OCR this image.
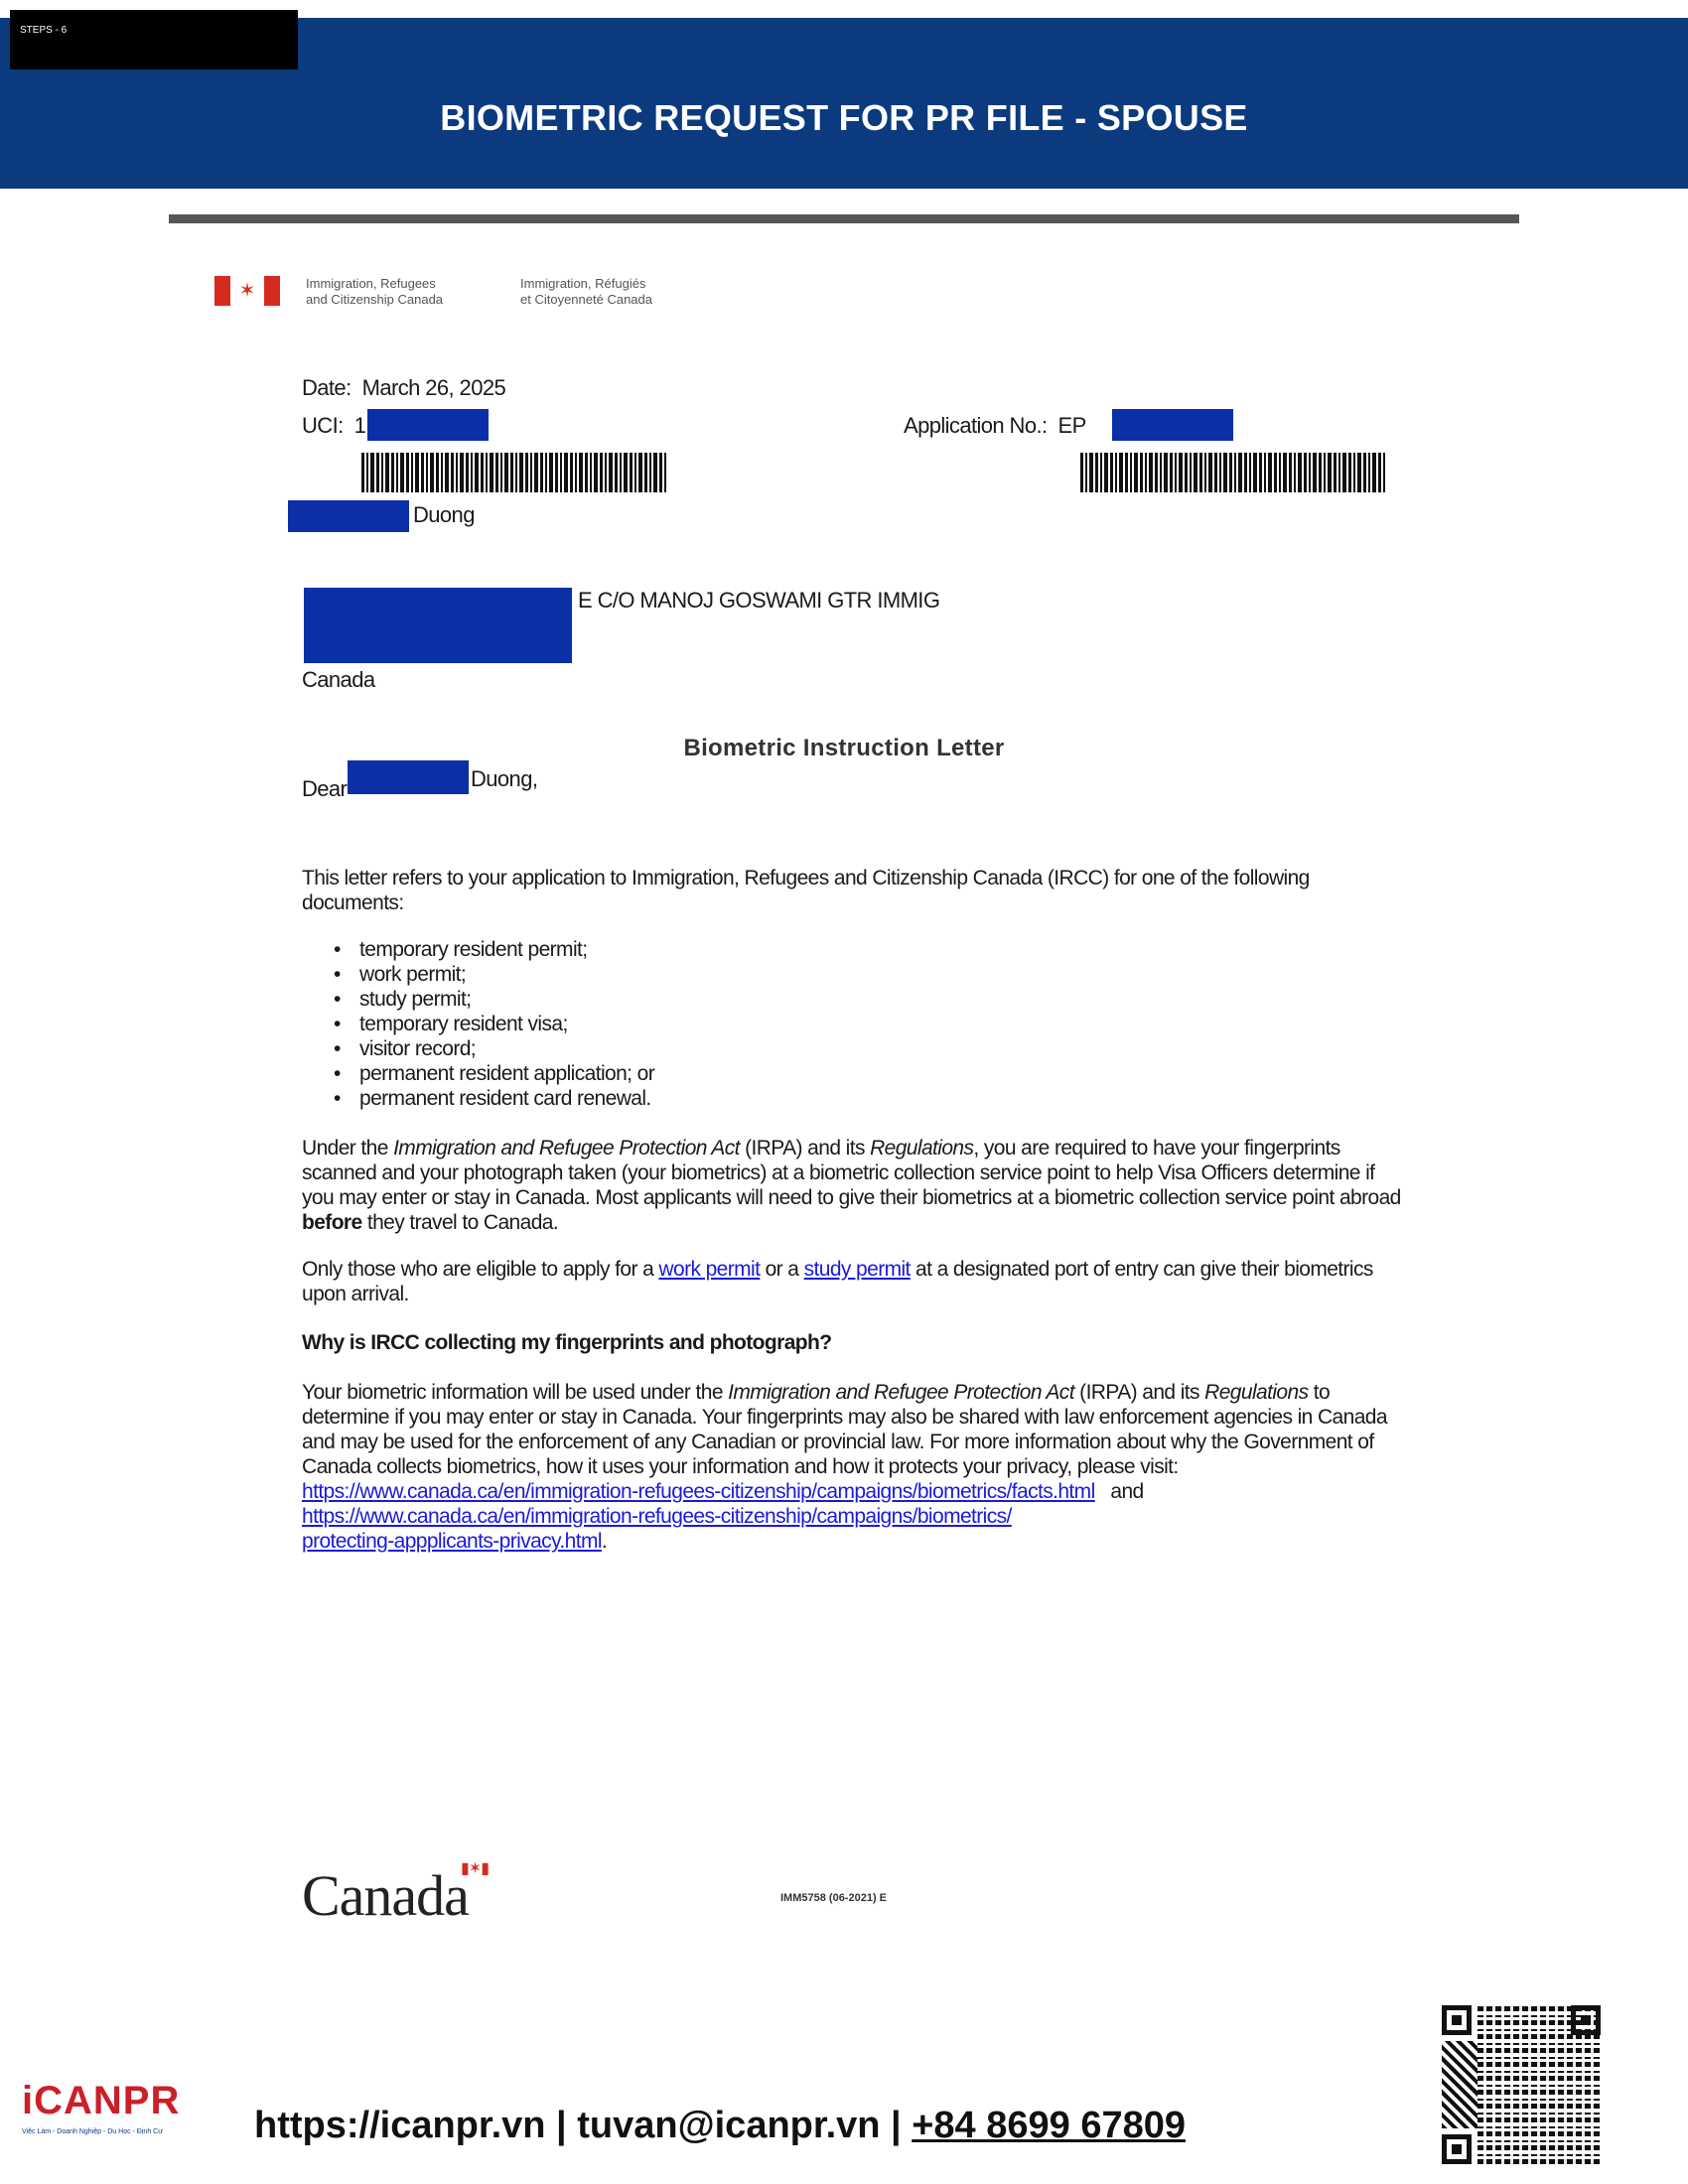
BIOMETRIC REQUEST FOR PR FILE - SPOUSE
STEPS - 6
✶	Immigration, Refugees
and Citizenship Canada
Immigration, Réfugiés
et Citoyenneté Canada
Date: March 26, 2025
UCI: 1	Application No.: EP
Duong
E C/O MANOJ GOSWAMI GTR IMMIG
Canada
Biometric Instruction Letter
Dear	Duong,
This letter refers to your application to Immigration, Refugees and Citizenship Canada (IRCC) for one of the following documents:
• temporary resident permit;
• work permit;
• study permit;
• temporary resident visa;
• visitor record;
• permanent resident application; or
• permanent resident card renewal.
Under the Immigration and Refugee Protection Act (IRPA) and its Regulations, you are required to have your fingerprints scanned and your photograph taken (your biometrics) at a biometric collection service point to help Visa Officers determine if you may enter or stay in Canada. Most applicants will need to give their biometrics at a biometric collection service point abroad before they travel to Canada.
Only those who are eligible to apply for a work permit or a study permit at a designated port of entry can give their biometrics upon arrival.
Why is IRCC collecting my fingerprints and photograph?
Your biometric information will be used under the Immigration and Refugee Protection Act (IRPA) and its Regulations to determine if you may enter or stay in Canada. Your fingerprints may also be shared with law enforcement agencies in Canada and may be used for the enforcement of any Canadian or provincial law. For more information about why the Government of Canada collects biometrics, how it uses your information and how it protects your privacy, please visit:
https://www.canada.ca/en/immigration-refugees-citizenship/campaigns/biometrics/facts.html and
https://www.canada.ca/en/immigration-refugees-citizenship/campaigns/biometrics/
protecting-appplicants-privacy.html.
Canada
▮✶▮
IMM5758 (06-2021) E
iCANPR
Việc Làm - Doanh Nghiệp - Du Học - Định Cư https://icanpr.vn | tuvan@icanpr.vn | +84 8699 67809
